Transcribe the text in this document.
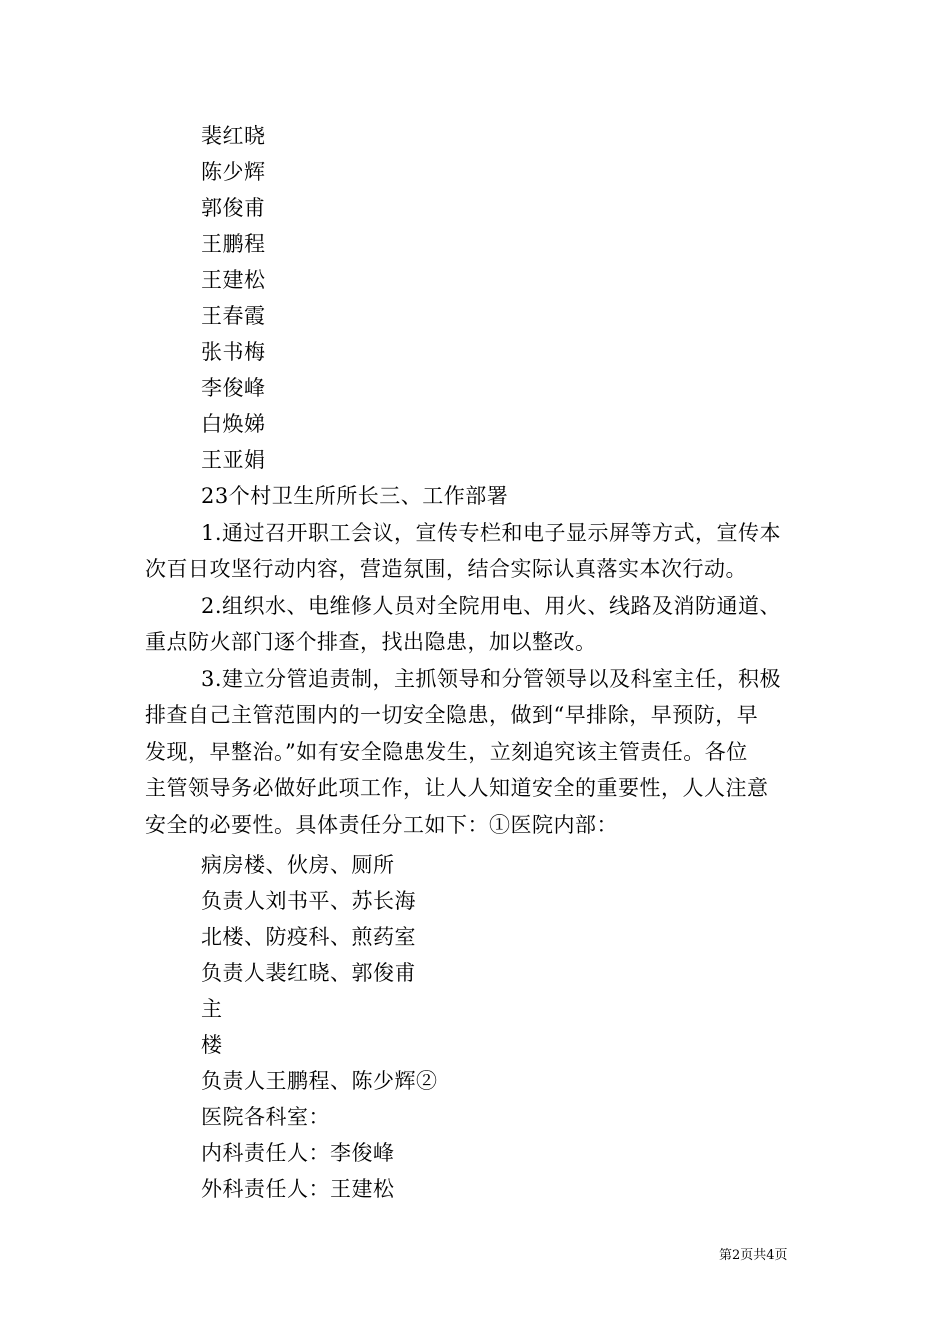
裴红晓
陈少辉
郭俊甫
王鹏程
王建松
王春霞
张书梅
李俊峰
白焕娣
王亚娟
23个村卫生所所长三、工作部署
1.通过召开职工会议，宣传专栏和电子显示屏等方式，宣传本
次百日攻坚行动内容，营造氛围，结合实际认真落实本次行动。
2.组织水、电维修人员对全院用电、用火、线路及消防通道、
重点防火部门逐个排查，找出隐患，加以整改。
3.建立分管追责制，主抓领导和分管领导以及科室主任，积极
排查自己主管范围内的一切安全隐患，做到“早排除，早预防，早
发现，早整治。”如有安全隐患发生，立刻追究该主管责任。各位
主管领导务必做好此项工作，让人人知道安全的重要性，人人注意
安全的必要性。具体责任分工如下：①医院内部：
病房楼、伙房、厕所
负责人刘书平、苏长海
北楼、防疫科、煎药室
负责人裴红晓、郭俊甫
主
楼
负责人王鹏程、陈少辉②
医院各科室：
内科责任人：李俊峰
外科责任人：王建松
第2页共4页
